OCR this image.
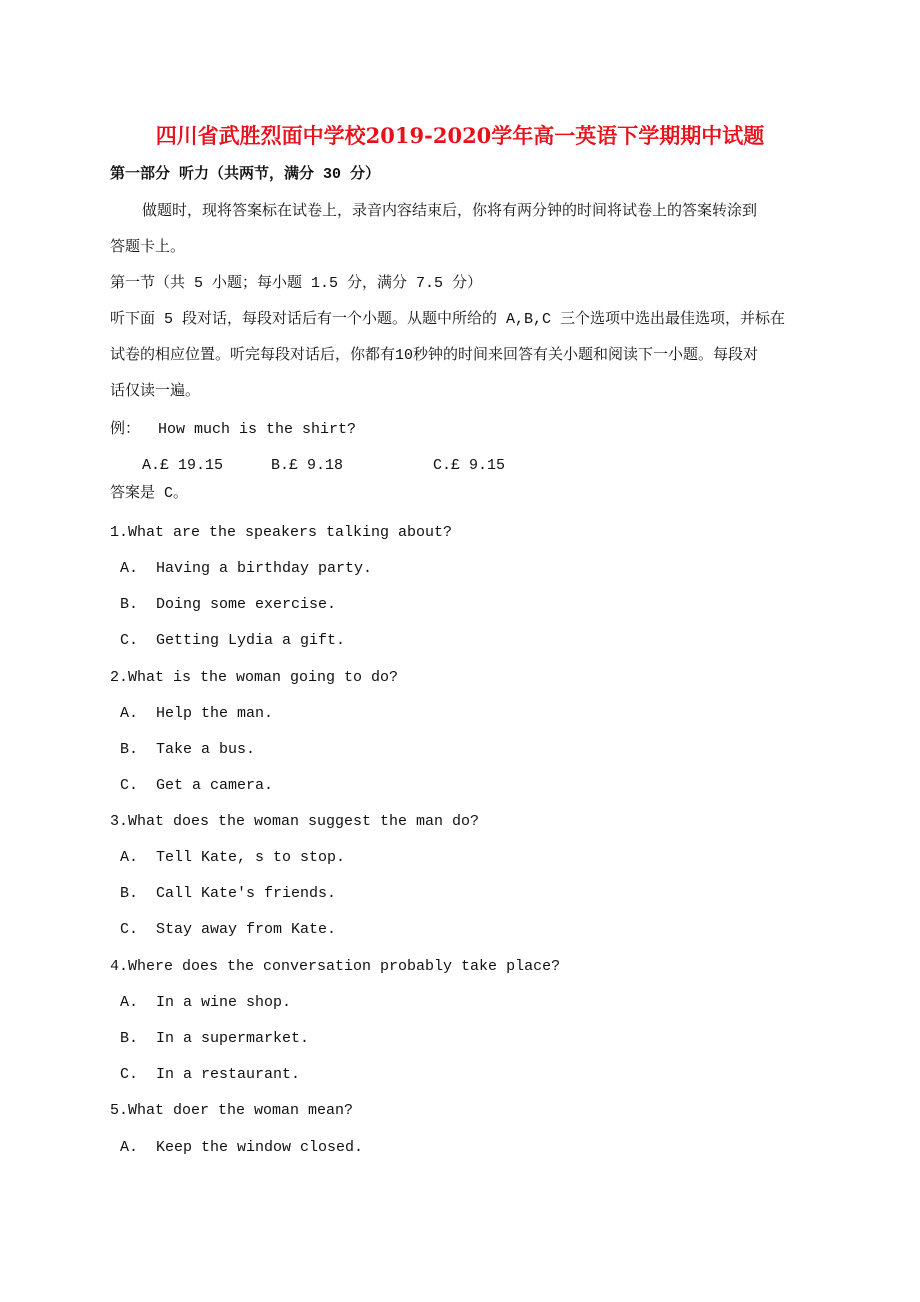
四川省武胜烈面中学校2019-2020学年高一英语下学期期中试题
第一部分 听力（共两节，满分 30 分）
做题时，现将答案标在试卷上，录音内容结束后，你将有两分钟的时间将试卷上的答案转涂到
答题卡上。
第一节（共 5 小题；每小题 1.5 分，满分 7.5 分）
听下面 5 段对话，每段对话后有一个小题。从题中所给的 A,B,C 三个选项中选出最佳选项，并标在
试卷的相应位置。听完每段对话后，你都有10秒钟的时间来回答有关小题和阅读下一小题。每段对
话仅读一遍。
例：  How much is the shirt?
A.£ 19.15	B.£ 9.18	C.£ 9.15
答案是 C。
1.What are the speakers talking about?
A.  Having a birthday party.
B.  Doing some exercise.
C.  Getting Lydia a gift.
2.What is the woman going to do?
A.  Help the man.
B.  Take a bus.
C.  Get a camera.
3.What does the woman suggest the man do?
A.  Tell Kate, s to stop.
B.  Call Kate's friends.
C.  Stay away from Kate.
4.Where does the conversation probably take place?
A.  In a wine shop.
B.  In a supermarket.
C.  In a restaurant.
5.What doer the woman mean?
A.  Keep the window closed.
